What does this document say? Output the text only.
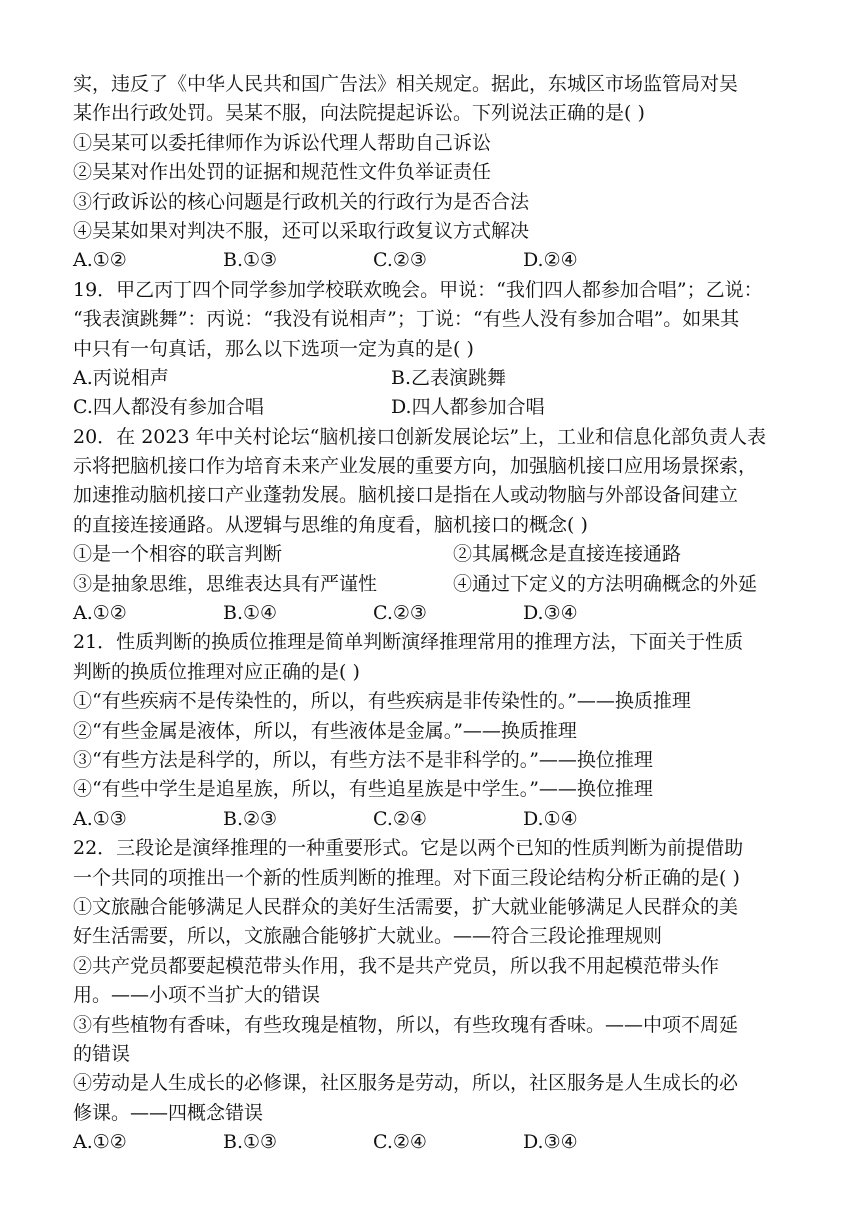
实，违反了《中华人民共和国广告法》相关规定。据此，东城区市场监管局对吴
某作出行政处罚。吴某不服，向法院提起诉讼。下列说法正确的是( )
①吴某可以委托律师作为诉讼代理人帮助自己诉讼
②吴某对作出处罚的证据和规范性文件负举证责任
③行政诉讼的核心问题是行政机关的行政行为是否合法
④吴某如果对判决不服，还可以采取行政复议方式解决
A.①②	B.①③	C.②③	D.②④
19．甲乙丙丁四个同学参加学校联欢晚会。甲说：“我们四人都参加合唱”；乙说：
“我表演跳舞”：丙说：“我没有说相声”；丁说：“有些人没有参加合唱”。如果其
中只有一句真话，那么以下选项一定为真的是( )
A.丙说相声	B.乙表演跳舞
C.四人都没有参加合唱	D.四人都参加合唱
20．在 2023 年中关村论坛“脑机接口创新发展论坛”上，工业和信息化部负责人表
示将把脑机接口作为培育未来产业发展的重要方向，加强脑机接口应用场景探索，
加速推动脑机接口产业蓬勃发展。脑机接口是指在人或动物脑与外部设备间建立
的直接连接通路。从逻辑与思维的角度看，脑机接口的概念( )
①是一个相容的联言判断	②其属概念是直接连接通路
③是抽象思维，思维表达具有严谨性	④通过下定义的方法明确概念的外延
A.①②	B.①④	C.②③	D.③④
21．性质判断的换质位推理是简单判断演绎推理常用的推理方法，下面关于性质
判断的换质位推理对应正确的是( )
①“有些疾病不是传染性的，所以，有些疾病是非传染性的。”——换质推理
②“有些金属是液体，所以，有些液体是金属。”——换质推理
③“有些方法是科学的，所以，有些方法不是非科学的。”——换位推理
④“有些中学生是追星族，所以，有些追星族是中学生。”——换位推理
A.①③	B.②③	C.②④	D.①④
22．三段论是演绎推理的一种重要形式。它是以两个已知的性质判断为前提借助
一个共同的项推出一个新的性质判断的推理。对下面三段论结构分析正确的是( )
①文旅融合能够满足人民群众的美好生活需要，扩大就业能够满足人民群众的美
好生活需要，所以，文旅融合能够扩大就业。——符合三段论推理规则
②共产党员都要起模范带头作用，我不是共产党员，所以我不用起模范带头作
用。——小项不当扩大的错误
③有些植物有香味，有些玫瑰是植物，所以，有些玫瑰有香味。——中项不周延
的错误
④劳动是人生成长的必修课，社区服务是劳动，所以，社区服务是人生成长的必
修课。——四概念错误
A.①②	B.①③	C.②④	D.③④
